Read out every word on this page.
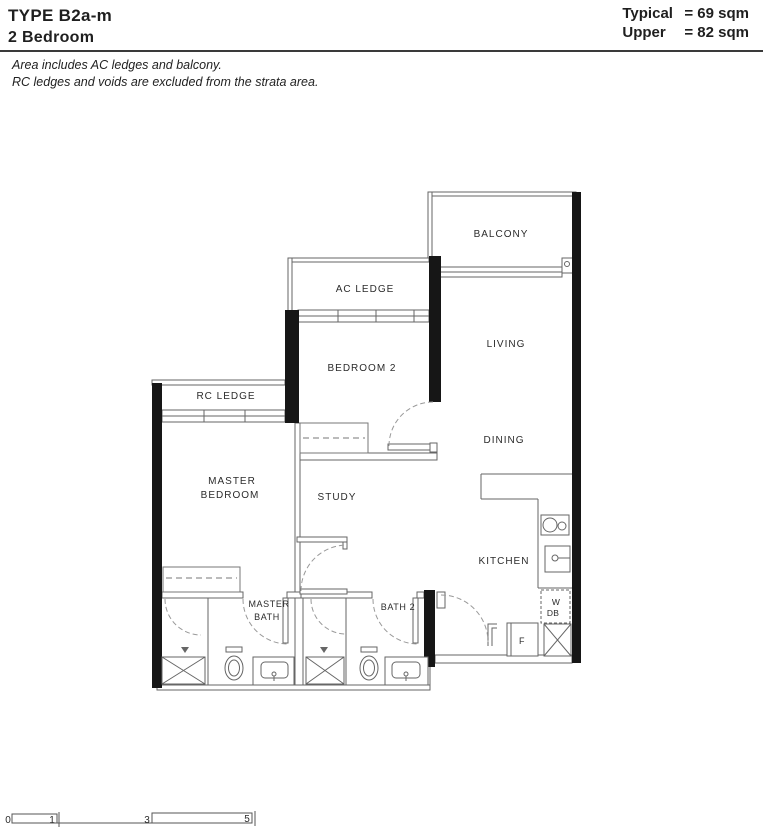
TYPE B2a-m
2 Bedroom
Typical = 69 sqm
Upper	= 82 sqm
Area includes AC ledges and balcony.
RC ledges and voids are excluded from the strata area.
BALCONY
AC LEDGE
LIVING
BEDROOM 2
RC LEDGE
DINING
MASTER
BEDROOM	STUDY
KITCHEN
MASTER
BATH
BATH 2	W
DB
F
0	1	3	5
